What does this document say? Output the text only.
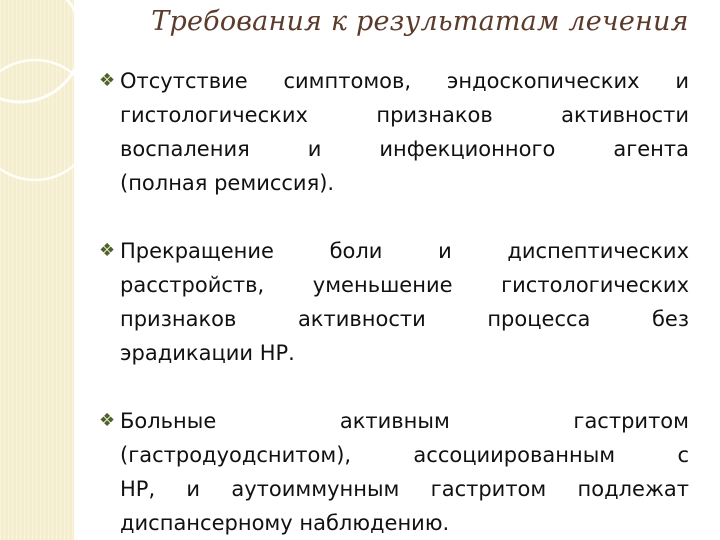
Требования к результатам лечения
❖ Отсутствие симптомов, эндоскопических и
гистологических признаков активности
воспаления и инфекционного агента
(полная ремиссия).
❖ Прекращение боли и диспептических
расстройств, уменьшение гистологических
признаков активности процесса без
эрадикации НР.
❖ Больные активным гастритом
(гастродуодснитом), ассоциированным с
НР, и аутоиммунным гастритом подлежат
диспансерному наблюдению.
